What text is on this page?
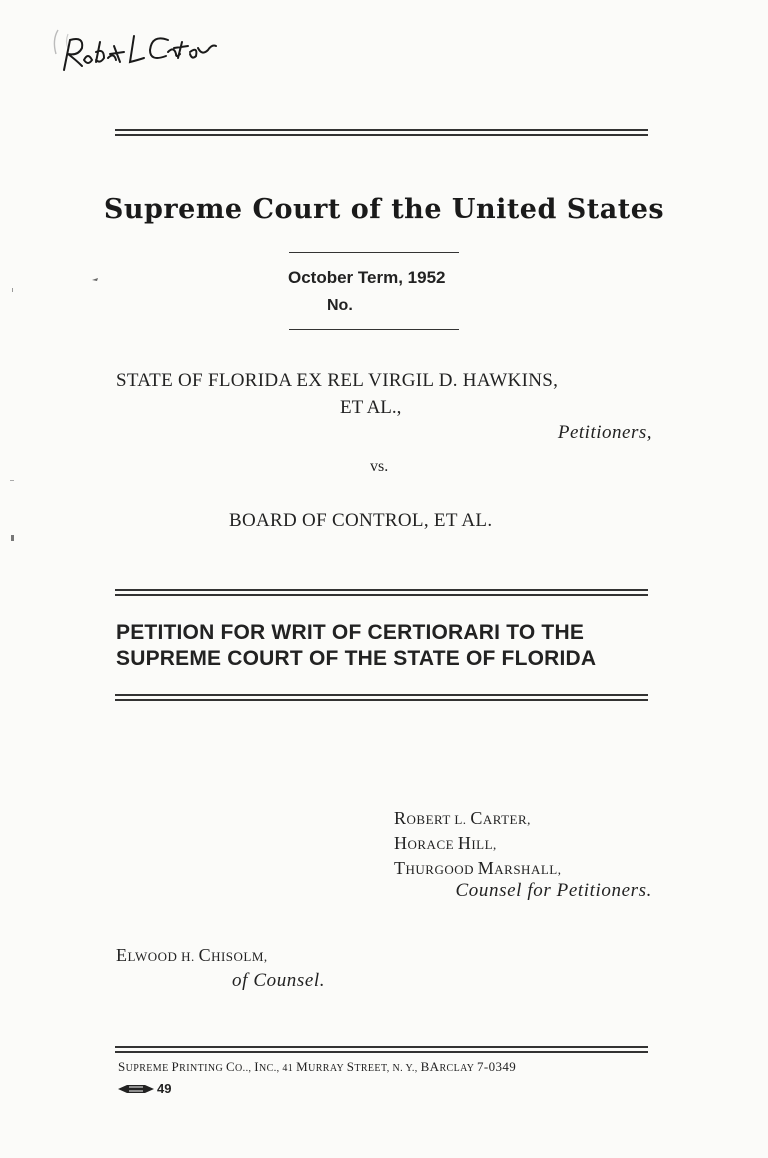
Supreme Court of the United States
October Term, 1952
No.
STATE OF FLORIDA EX REL VIRGIL D. HAWKINS,
ET AL.,
Petitioners,
vs.
BOARD OF CONTROL, ET AL.
PETITION FOR WRIT OF CERTIORARI TO THE
SUPREME COURT OF THE STATE OF FLORIDA
ROBERT L. CARTER,
HORACE HILL,
THURGOOD MARSHALL,
Counsel for Petitioners.
ELWOOD H. CHISOLM,
of Counsel.
SUPREME PRINTING CO.., INC., 41 MURRAY STREET, N. Y., BARCLAY 7-0349
49
